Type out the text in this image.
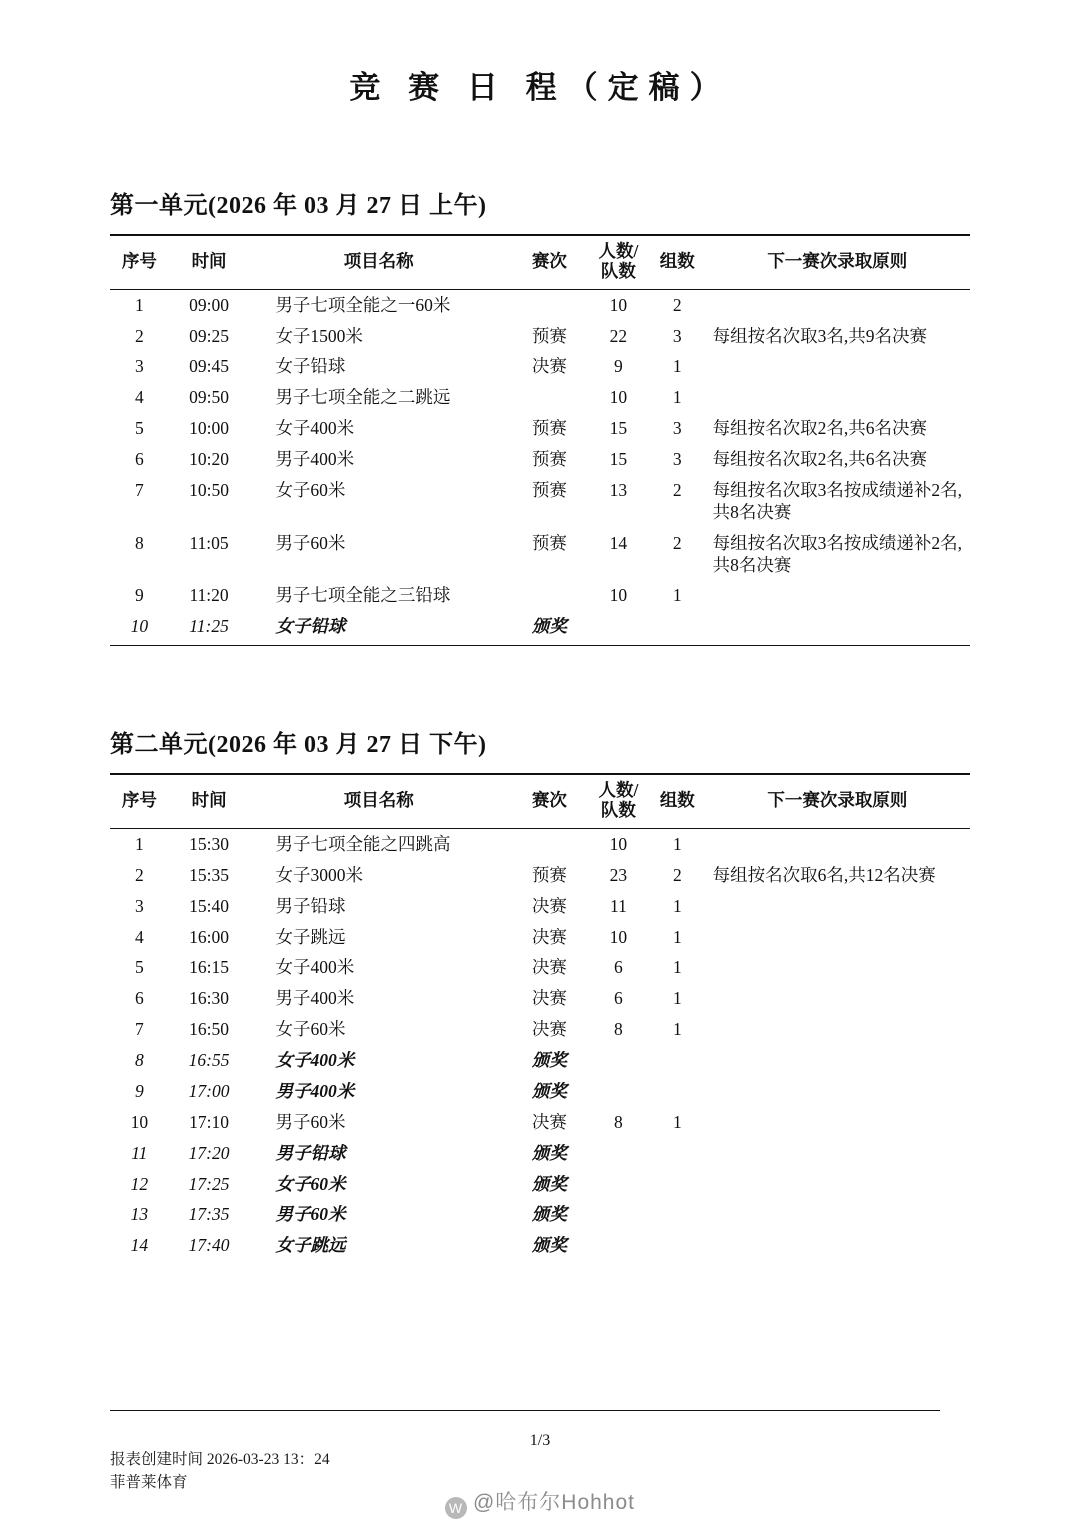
竞 赛 日 程（定稿）
第一单元(2026 年 03 月 27 日 上午)
序号	时间	项目名称	赛次	人数/
队数	组数	下一赛次录取原则
1	09:00	男子七项全能之一60米		10	2	
2	09:25	女子1500米	预赛	22	3	每组按名次取3名,共9名决赛
3	09:45	女子铅球	决赛	9	1	
4	09:50	男子七项全能之二跳远		10	1	
5	10:00	女子400米	预赛	15	3	每组按名次取2名,共6名决赛
6	10:20	男子400米	预赛	15	3	每组按名次取2名,共6名决赛
7	10:50	女子60米	预赛	13	2	每组按名次取3名按成绩递补2名,共8名决赛
8	11:05	男子60米	预赛	14	2	每组按名次取3名按成绩递补2名,共8名决赛
9	11:20	男子七项全能之三铅球		10	1	
10	11:25	女子铅球	颁奖			
第二单元(2026 年 03 月 27 日 下午)
序号	时间	项目名称	赛次	人数/
队数	组数	下一赛次录取原则
1	15:30	男子七项全能之四跳高		10	1	
2	15:35	女子3000米	预赛	23	2	每组按名次取6名,共12名决赛
3	15:40	男子铅球	决赛	11	1	
4	16:00	女子跳远	决赛	10	1	
5	16:15	女子400米	决赛	6	1	
6	16:30	男子400米	决赛	6	1	
7	16:50	女子60米	决赛	8	1	
8	16:55	女子400米	颁奖			
9	17:00	男子400米	颁奖			
10	17:10	男子60米	决赛	8	1	
11	17:20	男子铅球	颁奖			
12	17:25	女子60米	颁奖			
13	17:35	男子60米	颁奖			
14	17:40	女子跳远	颁奖			
1/3
报表创建时间 2026-03-23 13：24
菲普莱体育
W @哈布尔Hohhot
